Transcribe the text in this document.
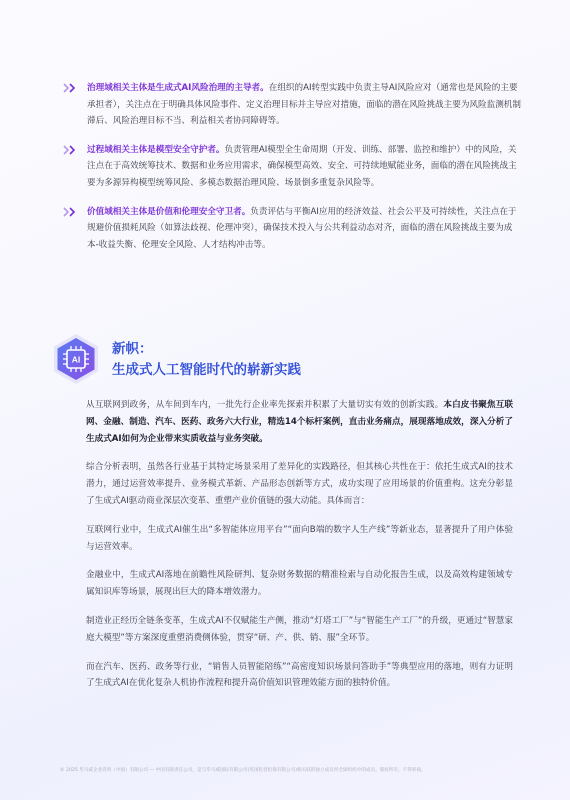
治理域相关主体是生成式AI风险治理的主导者。在组织的AI转型实践中负责主导AI风险应对（通常也是风险的主要承担者），关注点在于明确具体风险事件、定义治理目标并主导应对措施，面临的潜在风险挑战主要为风险监测机制滞后、风险治理目标不当、利益相关者协同障碍等。
过程域相关主体是模型安全守护者。负责管理AI模型全生命周期（开发、训练、部署、监控和维护）中的风险，关注点在于高效统筹技术、数据和业务应用需求，确保模型高效、安全、可持续地赋能业务，面临的潜在风险挑战主要为多源异构模型统筹风险、多模态数据治理风险、场景倒多重复杂风险等。
价值域相关主体是价值和伦理安全守卫者。负责评估与平衡AI应用的经济效益、社会公平及可持续性，关注点在于规避价值损耗风险（如算法歧视、伦理冲突），确保技术投入与公共利益动态对齐，面临的潜在风险挑战主要为成本-收益失衡、伦理安全风险、人才结构冲击等。
AI
新帜：
生成式人工智能时代的崭新实践

从互联网到政务，从车间到车内，一批先行企业率先探索并积累了大量切实有效的创新实践。本白皮书聚焦互联网、金融、制造、汽车、医药、政务六大行业，精选14个标杆案例，直击业务痛点，展现落地成效，深入分析了生成式AI如何为企业带来实质收益与业务突破。

综合分析表明，虽然各行业基于其特定场景采用了差异化的实践路径，但其核心共性在于：依托生成式AI的技术潜力，通过运营效率提升、业务模式革新、产品形态创新等方式，成功实现了应用场景的价值重构。这充分彰显了生成式AI驱动商业深层次变革、重塑产业价值链的强大动能。具体而言：

互联网行业中，生成式AI催生出“多智能体应用平台”“面向B端的数字人生产线”等新业态，显著提升了用户体验与运营效率。

金融业中，生成式AI落地在前瞻性风险研判、复杂财务数据的精准检索与自动化报告生成，以及高效构建领域专属知识库等场景，展现出巨大的降本增效潜力。

制造业正经历全链条变革，生成式AI不仅赋能生产侧，推动“灯塔工厂”与“智能生产工厂”的升级，更通过“智慧家庭大模型”等方案深度重塑消费侧体验，贯穿“研、产、供、销、服”全环节。

而在汽车、医药、政务等行业，“销售人员智能陪练”“高密度知识场景问答助手”等典型应用的落地，则有力证明了生成式AI在优化复杂人机协作流程和提升高价值知识管理效能方面的独特价值。

© 2025 毕马威企业咨询（中国）有限公司 — 中国有限责任公司，是与毕马威国际有限公司(英国私营担保有限公司)相关联的独立成员所全球组织中的成员。版权所有，不得转载。
